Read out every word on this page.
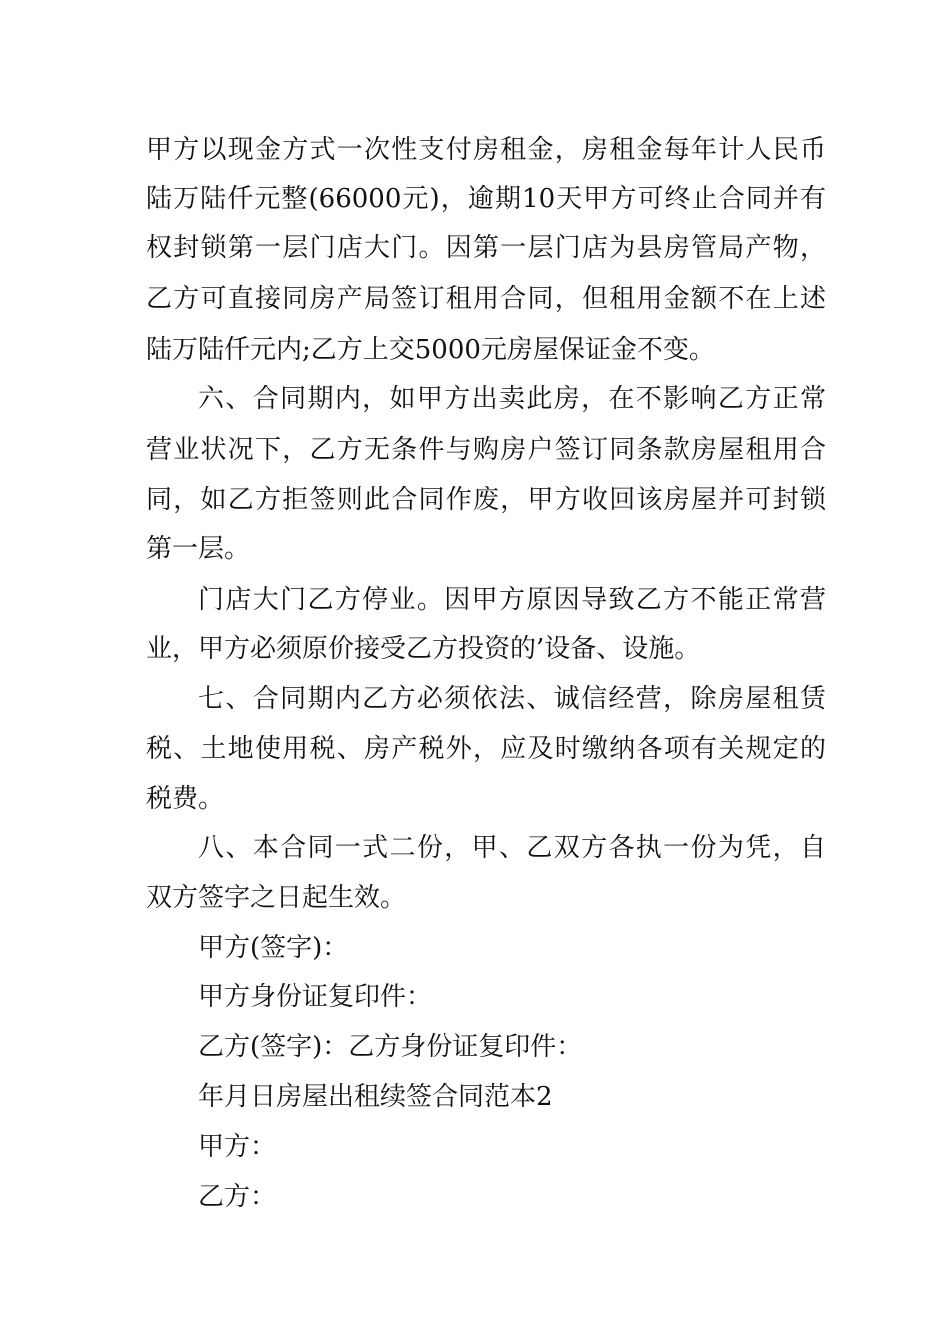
甲方以现金方式一次性支付房租金，房租金每年计人民币
陆万陆仟元整(66000元)，逾期10天甲方可终止合同并有
权封锁第一层门店大门。因第一层门店为县房管局产物，
乙方可直接同房产局签订租用合同，但租用金额不在上述
陆万陆仟元内;乙方上交5000元房屋保证金不变。
六、合同期内，如甲方出卖此房，在不影响乙方正常
营业状况下，乙方无条件与购房户签订同条款房屋租用合
同，如乙方拒签则此合同作废，甲方收回该房屋并可封锁
第一层。
门店大门乙方停业。因甲方原因导致乙方不能正常营
业，甲方必须原价接受乙方投资的’设备、设施。
七、合同期内乙方必须依法、诚信经营，除房屋租赁
税、土地使用税、房产税外，应及时缴纳各项有关规定的
税费。
八、本合同一式二份，甲、乙双方各执一份为凭，自
双方签字之日起生效。
甲方(签字)：
甲方身份证复印件：
乙方(签字)：乙方身份证复印件：
年月日房屋出租续签合同范本2
甲方：
乙方：
